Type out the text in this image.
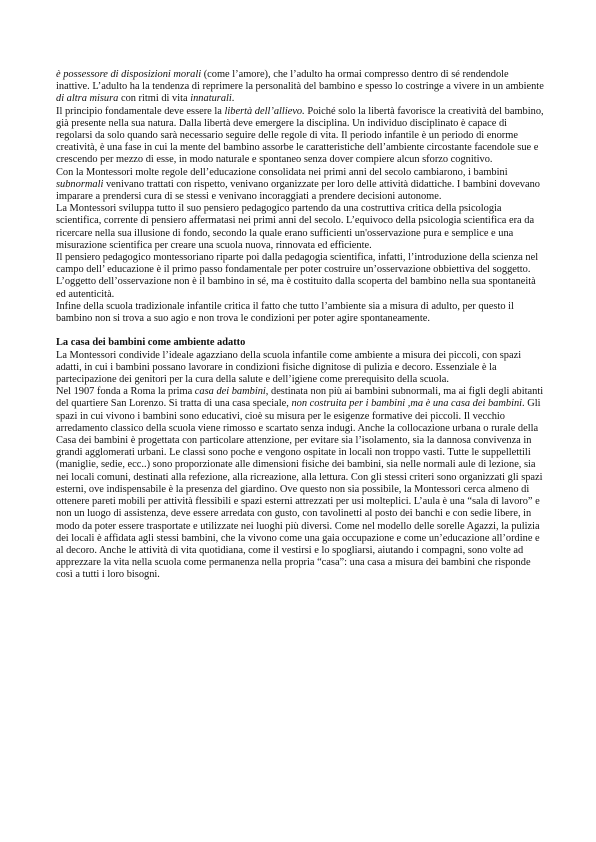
è possessore di disposizioni morali (come l’amore), che l’adulto ha ormai compresso dentro di sé rendendole inattive. L’adulto ha la tendenza di reprimere la personalità del bambino e spesso lo costringe a vivere in un ambiente di altra misura con ritmi di vita innaturali.

Il principio fondamentale deve essere la libertà dell’allievo. Poiché solo la libertà favorisce la creatività del bambino, già presente nella sua natura. Dalla libertà deve emergere la disciplina. Un individuo disciplinato è capace di regolarsi da solo quando sarà necessario seguire delle regole di vita. Il periodo infantile è un periodo di enorme creatività, è una fase in cui la mente del bambino assorbe le caratteristiche dell’ambiente circostante facendole sue e crescendo per mezzo di esse, in modo naturale e spontaneo senza dover compiere alcun sforzo cognitivo.

Con la Montessori molte regole dell’educazione consolidata nei primi anni del secolo cambiarono, i bambini subnormali venivano trattati con rispetto, venivano organizzate per loro delle attività didattiche. I bambini dovevano imparare a prendersi cura di se stessi e venivano incoraggiati a prendere decisioni autonome.

La Montessori sviluppa tutto il suo pensiero pedagogico partendo da una costruttiva critica della psicologia scientifica, corrente di pensiero affermatasi nei primi anni del secolo. L’equivoco della psicologia scientifica era da ricercare nella sua illusione di fondo, secondo la quale erano sufficienti un'osservazione pura e semplice e una misurazione scientifica per creare una scuola nuova, rinnovata ed efficiente.

Il pensiero pedagogico montessoriano riparte poi dalla pedagogia scientifica, infatti, l’introduzione della scienza nel campo dell’ educazione è il primo passo fondamentale per poter costruire un’osservazione obbiettiva del soggetto. L’oggetto dell’osservazione non è il bambino in sé, ma è costituito dalla scoperta del bambino nella sua spontaneità ed autenticità.

Infine della scuola tradizionale infantile critica il fatto che tutto l’ambiente sia a misura di adulto, per questo il bambino non si trova a suo agio e non trova le condizioni per poter agire spontaneamente.

La casa dei bambini come ambiente adatto

La Montessori condivide l’ideale agazziano della scuola infantile come ambiente a misura dei piccoli, con spazi adatti, in cui i bambini possano lavorare in condizioni fisiche dignitose di pulizia e decoro. Essenziale è la partecipazione dei genitori per la cura della salute e dell’igiene come prerequisito della scuola.

Nel 1907 fonda a Roma la prima casa dei bambini, destinata non più ai bambini subnormali, ma ai figli degli abitanti del quartiere San Lorenzo. Si tratta di una casa speciale, non costruita per i bambini ,ma è una casa dei bambini. Gli spazi in cui vivono i bambini sono educativi, cioè su misura per le esigenze formative dei piccoli. Il vecchio arredamento classico della scuola viene rimosso e scartato senza indugi. Anche la collocazione urbana o rurale della Casa dei bambini è progettata con particolare attenzione, per evitare sia l’isolamento, sia la dannosa convivenza in grandi agglomerati urbani. Le classi sono poche e vengono ospitate in locali non troppo vasti. Tutte le suppellettili (maniglie, sedie, ecc..) sono proporzionate alle dimensioni fisiche dei bambini, sia nelle normali aule di lezione, sia nei locali comuni, destinati alla refezione, alla ricreazione, alla lettura. Con gli stessi criteri sono organizzati gli spazi esterni, ove indispensabile è la presenza del giardino. Ove questo non sia possibile, la Montessori cerca almeno di ottenere pareti mobili per attività flessibili e spazi esterni attrezzati per usi molteplici. L’aula è una “sala di lavoro” e non un luogo di assistenza, deve essere arredata con gusto, con tavolinetti al posto dei banchi e con sedie libere, in modo da poter essere trasportate e utilizzate nei luoghi più diversi. Come nel modello delle sorelle Agazzi, la pulizia dei locali è affidata agli stessi bambini, che la vivono come una gaia occupazione e come un’educazione all’ordine e al decoro. Anche le attività di vita quotidiana, come il vestirsi e lo spogliarsi, aiutando i compagni, sono volte ad apprezzare la vita nella scuola come permanenza nella propria “casa”: una casa a misura dei bambini che risponde così a tutti i loro bisogni.
